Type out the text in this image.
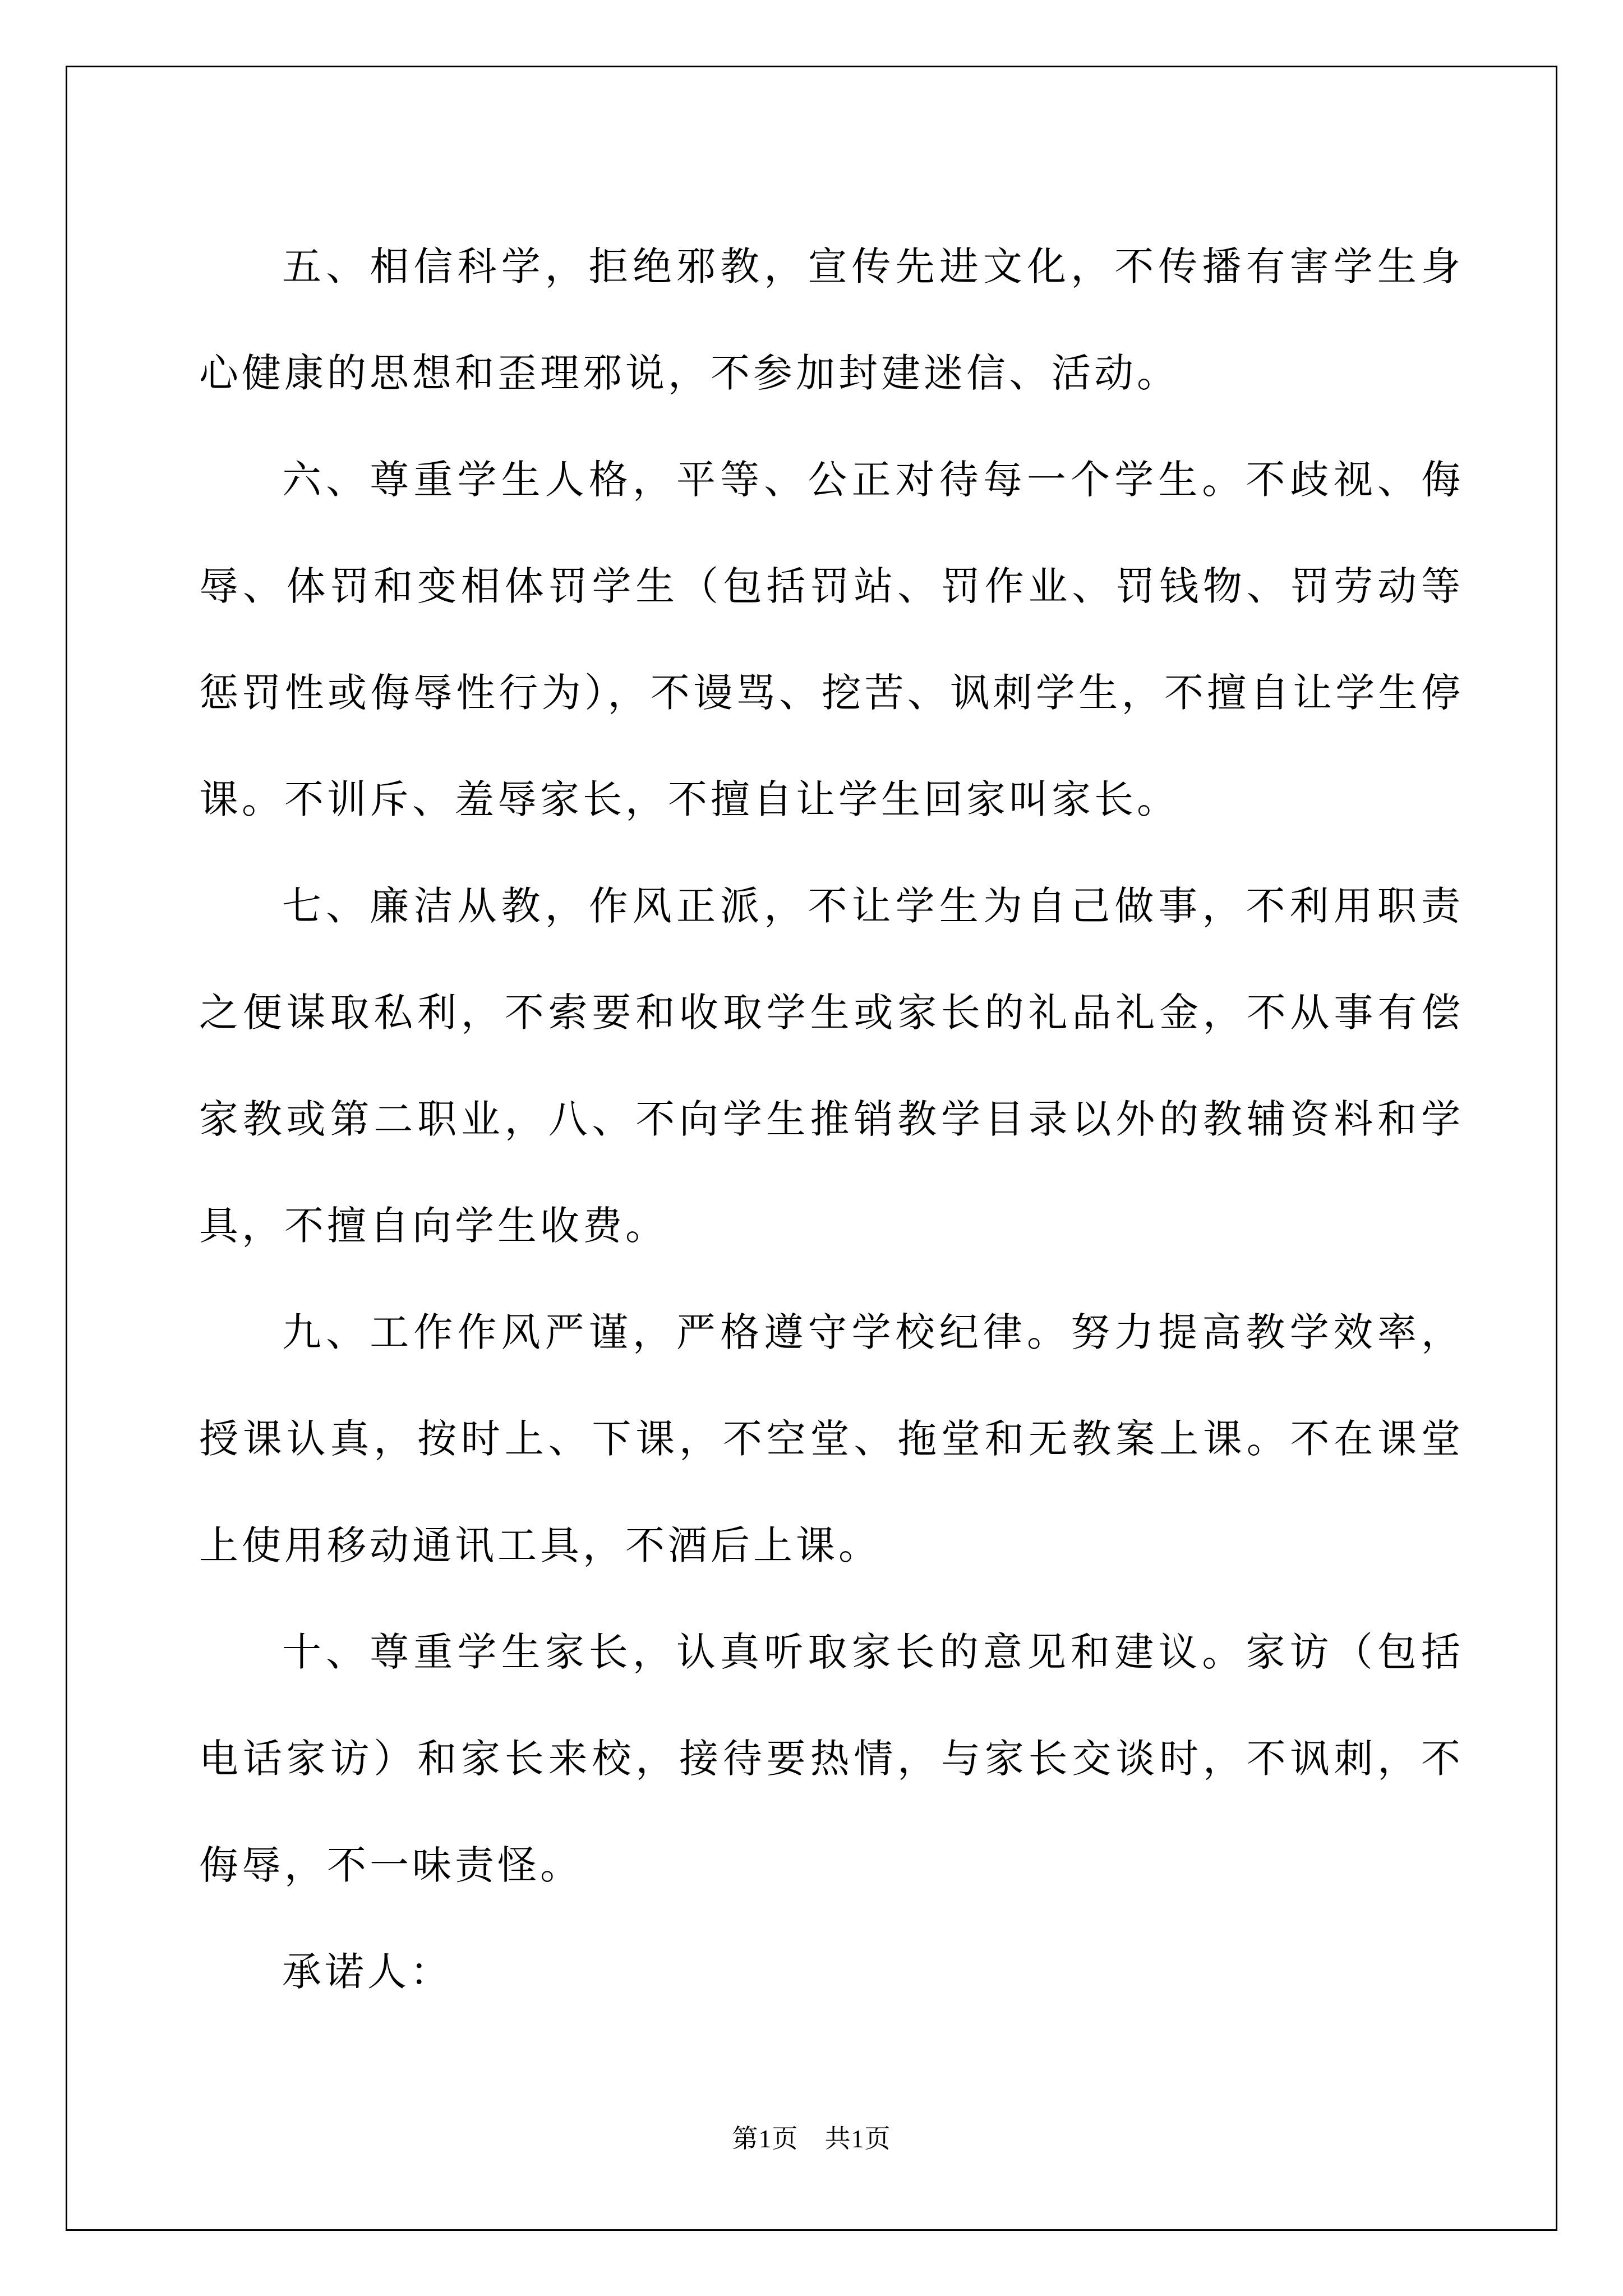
五、相信科学，拒绝邪教，宣传先进文化，不传播有害学生身心健康的思想和歪理邪说，不参加封建迷信、活动。

六、尊重学生人格，平等、公正对待每一个学生。不歧视、侮辱、体罚和变相体罚学生（包括罚站、罚作业、罚钱物、罚劳动等惩罚性或侮辱性行为），不谩骂、挖苦、讽刺学生，不擅自让学生停课。不训斥、羞辱家长，不擅自让学生回家叫家长。

七、廉洁从教，作风正派，不让学生为自己做事，不利用职责之便谋取私利，不索要和收取学生或家长的礼品礼金，不从事有偿家教或第二职业，八、不向学生推销教学目录以外的教辅资料和学具，不擅自向学生收费。

九、工作作风严谨，严格遵守学校纪律。努力提高教学效率，授课认真，按时上、下课，不空堂、拖堂和无教案上课。不在课堂上使用移动通讯工具，不酒后上课。

十、尊重学生家长，认真听取家长的意见和建议。家访（包括电话家访）和家长来校，接待要热情，与家长交谈时，不讽刺，不侮辱，不一味责怪。

承诺人：

第1页　共1页
